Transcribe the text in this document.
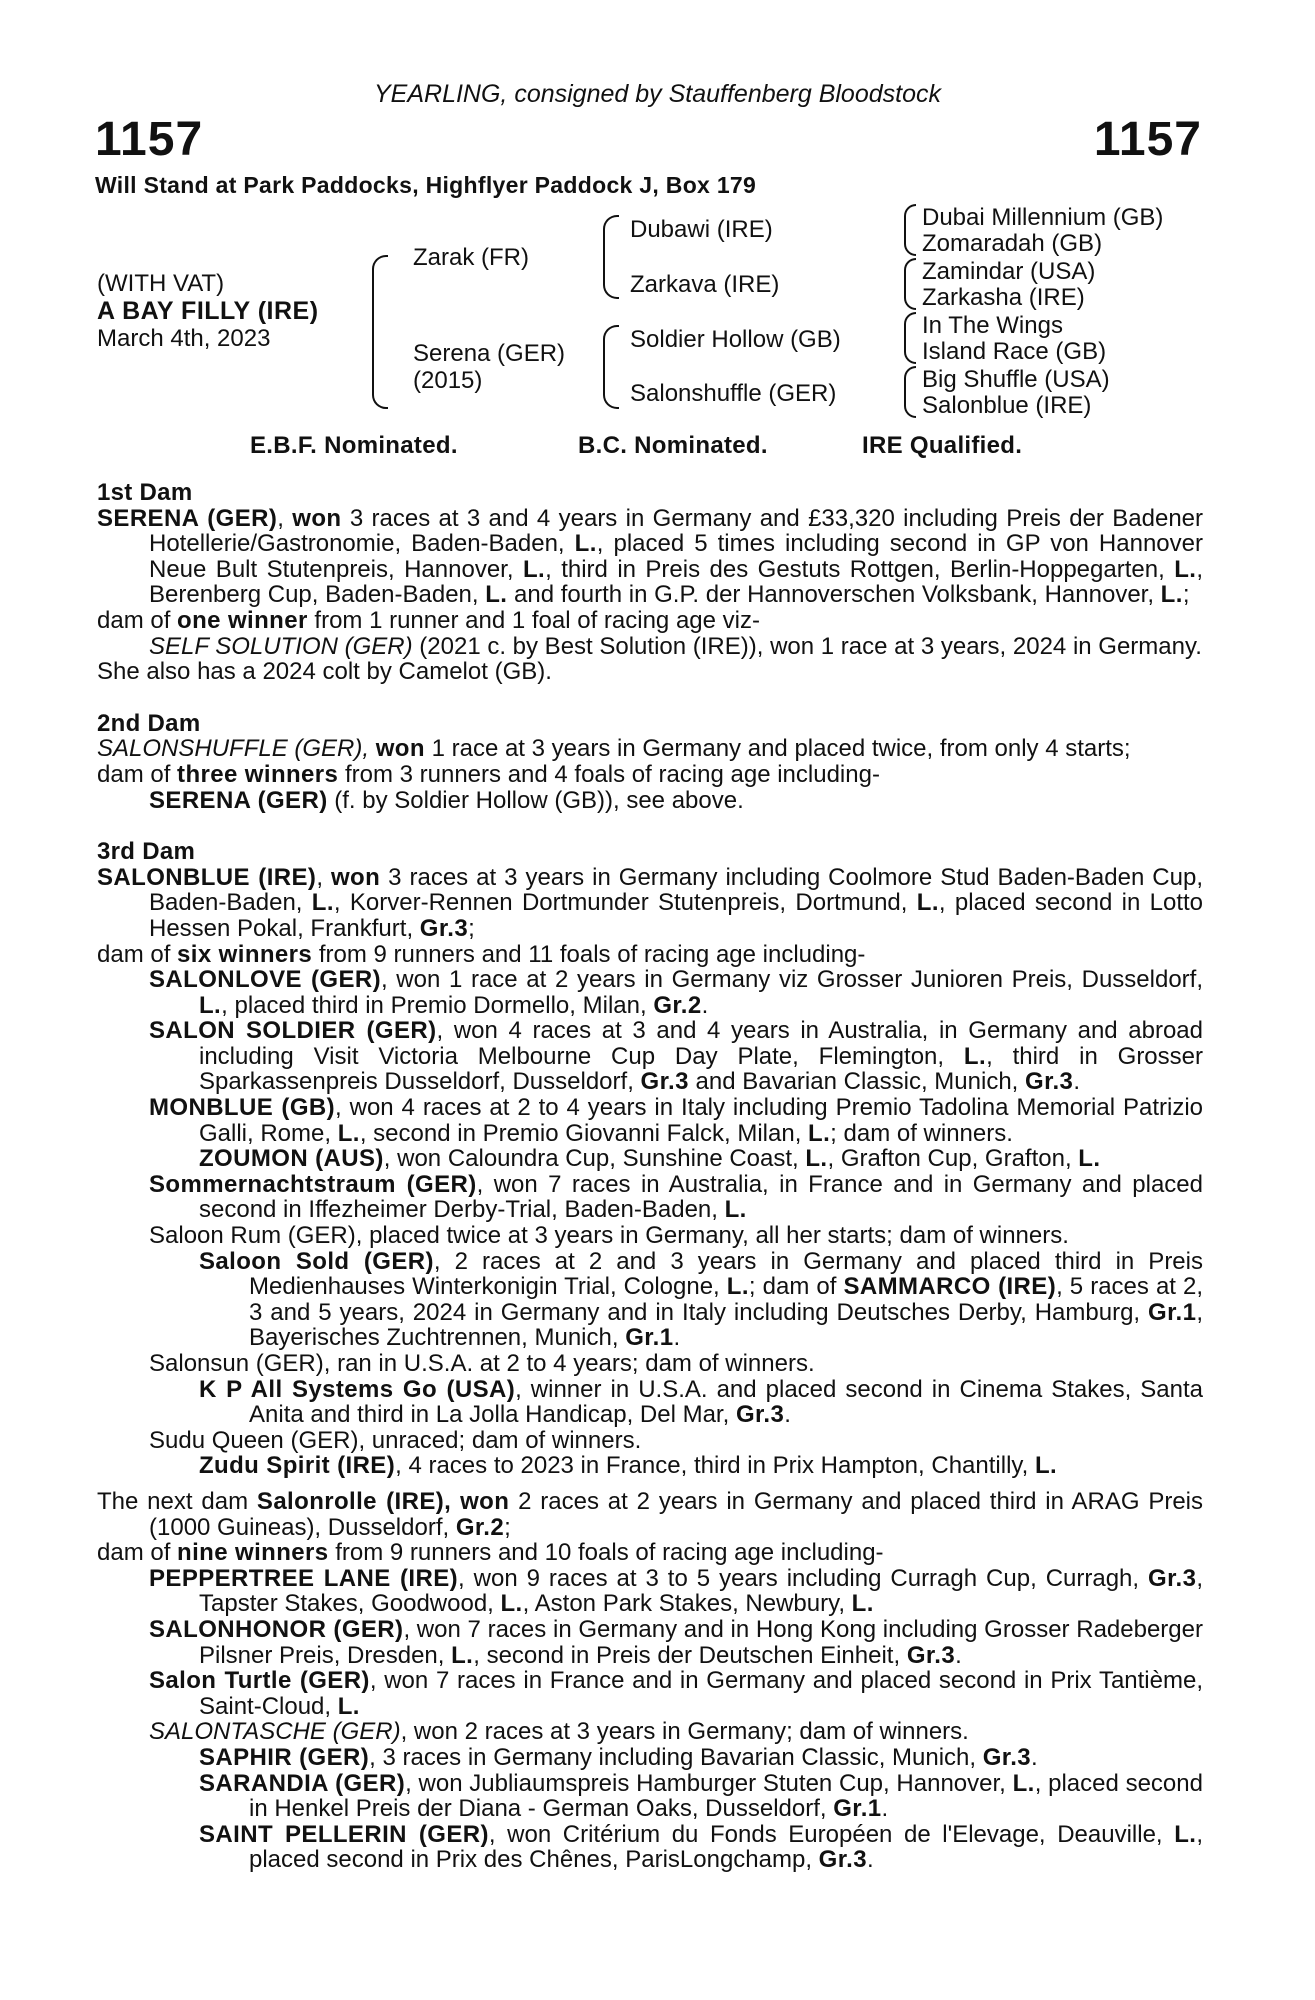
YEARLING, consigned by Stauffenberg Bloodstock
1157	1157
Will Stand at Park Paddocks, Highflyer Paddock J, Box 179
(WITH VAT)
A BAY FILLY (IRE)
March 4th, 2023
Zarak (FR)
Serena (GER)
(2015)
Dubawi (IRE)
Zarkava (IRE)
Soldier Hollow (GB)
Salonshuffle (GER)
Dubai Millennium (GB)
Zomaradah (GB)
Zamindar (USA)
Zarkasha (IRE)
In The Wings
Island Race (GB)
Big Shuffle (USA)
Salonblue (IRE)
E.B.F. Nominated.	B.C. Nominated.	IRE Qualified.
1st Dam

SERENA (GER), won 3 races at 3 and 4 years in Germany and £33,320 including Preis der Badener Hotellerie/Gastronomie, Baden-Baden, L., placed 5 times including second in GP von Hannover Neue Bult Stutenpreis, Hannover, L., third in Preis des Gestuts Rottgen, Berlin-Hoppegarten, L., Berenberg Cup, Baden-Baden, L. and fourth in G.P. der Hannoverschen Volksbank, Hannover, L.;

dam of one winner from 1 runner and 1 foal of racing age viz-

SELF SOLUTION (GER) (2021 c. by Best Solution (IRE)), won 1 race at 3 years, 2024 in Germany.

She also has a 2024 colt by Camelot (GB).

2nd Dam

SALONSHUFFLE (GER), won 1 race at 3 years in Germany and placed twice, from only 4 starts;

dam of three winners from 3 runners and 4 foals of racing age including-

SERENA (GER) (f. by Soldier Hollow (GB)), see above.

3rd Dam

SALONBLUE (IRE), won 3 races at 3 years in Germany including Coolmore Stud Baden-Baden Cup, Baden-Baden, L., Korver-Rennen Dortmunder Stutenpreis, Dortmund, L., placed second in Lotto Hessen Pokal, Frankfurt, Gr.3;

dam of six winners from 9 runners and 11 foals of racing age including-

SALONLOVE (GER), won 1 race at 2 years in Germany viz Grosser Junioren Preis, Dusseldorf, L., placed third in Premio Dormello, Milan, Gr.2.

SALON SOLDIER (GER), won 4 races at 3 and 4 years in Australia, in Germany and abroad including Visit Victoria Melbourne Cup Day Plate, Flemington, L., third in Grosser Sparkassenpreis Dusseldorf, Dusseldorf, Gr.3 and Bavarian Classic, Munich, Gr.3.

MONBLUE (GB), won 4 races at 2 to 4 years in Italy including Premio Tadolina Memorial Patrizio Galli, Rome, L., second in Premio Giovanni Falck, Milan, L.; dam of winners.

ZOUMON (AUS), won Caloundra Cup, Sunshine Coast, L., Grafton Cup, Grafton, L.

Sommernachtstraum (GER), won 7 races in Australia, in France and in Germany and placed second in Iffezheimer Derby-Trial, Baden-Baden, L.

Saloon Rum (GER), placed twice at 3 years in Germany, all her starts; dam of winners.

Saloon Sold (GER), 2 races at 2 and 3 years in Germany and placed third in Preis Medienhauses Winterkonigin Trial, Cologne, L.; dam of SAMMARCO (IRE), 5 races at 2, 3 and 5 years, 2024 in Germany and in Italy including Deutsches Derby, Hamburg, Gr.1, Bayerisches Zuchtrennen, Munich, Gr.1.

Salonsun (GER), ran in U.S.A. at 2 to 4 years; dam of winners.

K P All Systems Go (USA), winner in U.S.A. and placed second in Cinema Stakes, Santa Anita and third in La Jolla Handicap, Del Mar, Gr.3.

Sudu Queen (GER), unraced; dam of winners.

Zudu Spirit (IRE), 4 races to 2023 in France, third in Prix Hampton, Chantilly, L.

The next dam Salonrolle (IRE), won 2 races at 2 years in Germany and placed third in ARAG Preis (1000 Guineas), Dusseldorf, Gr.2;

dam of nine winners from 9 runners and 10 foals of racing age including-

PEPPERTREE LANE (IRE), won 9 races at 3 to 5 years including Curragh Cup, Curragh, Gr.3, Tapster Stakes, Goodwood, L., Aston Park Stakes, Newbury, L.

SALONHONOR (GER), won 7 races in Germany and in Hong Kong including Grosser Radeberger Pilsner Preis, Dresden, L., second in Preis der Deutschen Einheit, Gr.3.

Salon Turtle (GER), won 7 races in France and in Germany and placed second in Prix Tantième, Saint-Cloud, L.

SALONTASCHE (GER), won 2 races at 3 years in Germany; dam of winners.

SAPHIR (GER), 3 races in Germany including Bavarian Classic, Munich, Gr.3.

SARANDIA (GER), won Jubliaumspreis Hamburger Stuten Cup, Hannover, L., placed second in Henkel Preis der Diana - German Oaks, Dusseldorf, Gr.1.

SAINT PELLERIN (GER), won Critérium du Fonds Européen de l'Elevage, Deauville, L., placed second in Prix des Chênes, ParisLongchamp, Gr.3.
